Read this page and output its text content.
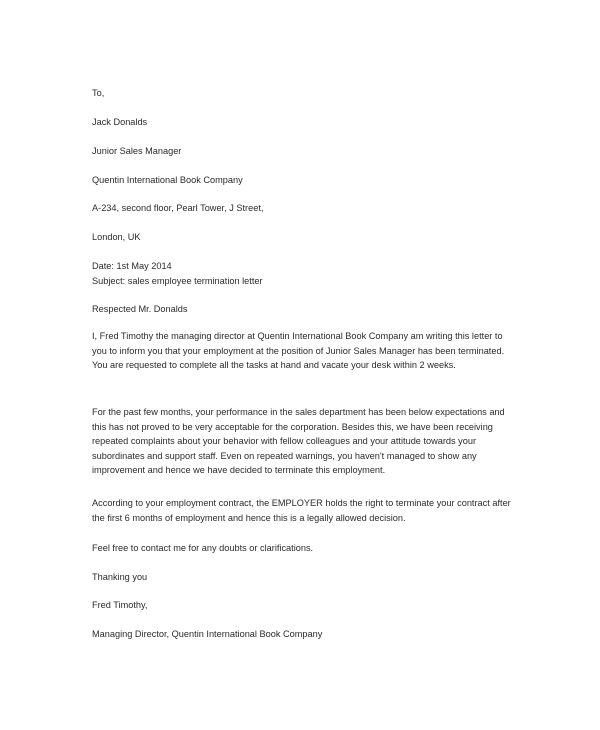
To,
Jack Donalds
Junior Sales Manager
Quentin International Book Company
A-234, second floor, Pearl Tower, J Street,
London, UK
Date: 1st May 2014
Subject: sales employee termination letter
Respected Mr. Donalds
I, Fred Timothy the managing director at Quentin International Book Company am writing this letter to you to inform you that your employment at the position of Junior Sales Manager has been terminated. You are requested to complete all the tasks at hand and vacate your desk within 2 weeks.
For the past few months, your performance in the sales department has been below expectations and this has not proved to be very acceptable for the corporation. Besides this, we have been receiving repeated complaints about your behavior with fellow colleagues and your attitude towards your subordinates and support staff. Even on repeated warnings, you haven't managed to show any improvement and hence we have decided to terminate this employment.
According to your employment contract, the EMPLOYER holds the right to terminate your contract after the first 6 months of employment and hence this is a legally allowed decision.
Feel free to contact me for any doubts or clarifications.
Thanking you
Fred Timothy,
Managing Director, Quentin International Book Company
